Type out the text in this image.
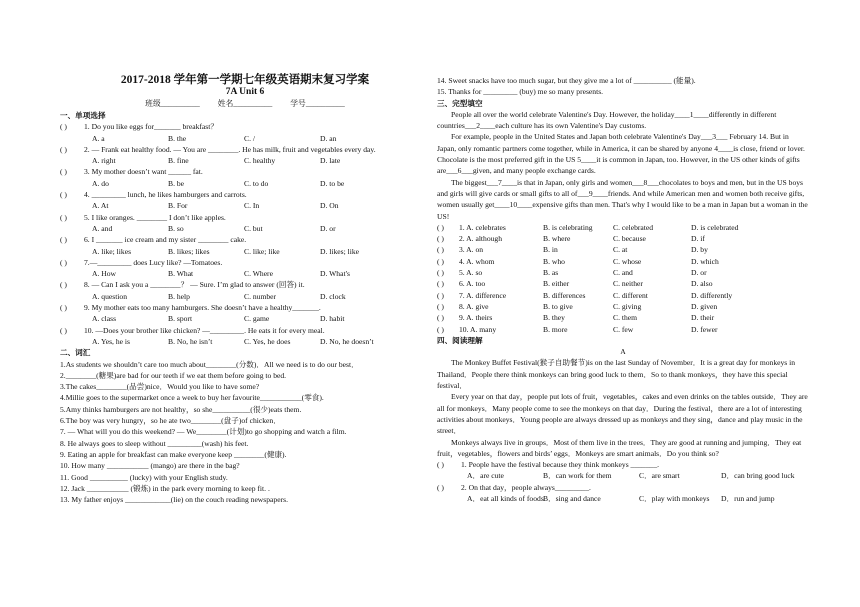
2017-2018 学年第一学期七年级英语期末复习学案
7A Unit 6
班级__________ 姓名__________ 学号__________
一、单项选择
( )	1. Do you like eggs for_______ breakfast？
A. a	B. the	C. /	D. an
( )	2. — Frank eat healthy food. — You are ________. He has milk, fruit and vegetables every day.
A. right	B. fine	C. healthy	D. late
( )	3. My mother doesn’t want ______ fat.
A. do	B. be	C. to do	D. to be
( )	4. _________ lunch, he likes hamburgers and carrots.
A. At	B. For	C. In	D. On
( )	5. I like oranges. ________ I don’t like apples.
A. and	B. so	C. but	D. or
( )	6. I _______ ice cream and my sister ________ cake.
A. like; likes	B. likes; likes	C. like; like	D. likes; like
( )	7.—_________ does Lucy like? —Tomatoes.
A. How	B. What	C. Where	D. What's
( )	8. — Can I ask you a ________？ — Sure. I’m glad to answer (回答) it.
A. question	B. help	C. number	D. clock
( )	9. My mother eats too many hamburgers. She doesn’t have a healthy_______.
A. class	B. sport	C. game	D. habit
( )	10. —Does your brother like chicken? —_________. He eats it for every meal.
A. Yes, he is	B. No, he isn’t	C. Yes, he does	D. No, he doesn’t
二、词汇
1.As students we shouldn’t care too much about________(分数)．All we need is to do our best．
2.________(糖果)are bad for our teeth if we eat them before going to bed.
3.The cakes________(品尝)nice．Would you like to have some?
4.Millie goes to the supermarket once a week to buy her favourite___________(零食).
5.Amy thinks hamburgers are not healthy，so she__________(很少)eats them.
6.The boy was very hungry，so he ate two________(盘子)of chicken．
7. — What will you do this weekend? — We________(计划)to go shopping and watch a film.
8. He always goes to sleep without _________(wash) his feet.
9. Eating an apple for breakfast can make everyone keep ________(健康).
10. How many ___________ (mango) are there in the bag?
11. Good __________ (lucky) with your English study.
12. Jack ___________ (锻炼) in the park every morning to keep fit. .
13. My father enjoys ____________(lie) on the couch reading newspapers.
14. Sweet snacks have too much sugar, but they give me a lot of __________ (能量).
15. Thanks for _________ (buy) me so many presents.
三、完型填空
People all over the world celebrate Valentine's Day. However, the holiday____1____differently in different countries___2____each culture has its own Valentine's Day customs.
For example, people in the United States and Japan both celebrate Valentine's Day___3___ February 14. But in Japan, only romantic partners come together, while in America, it can be shared by anyone 4____is close, friend or lover. Chocolate is the most preferred gift in the US 5____it is common in Japan, too. However, in the US other kinds of gifts are___6___given, and many people exchange cards.
The biggest___7____is that in Japan, only girls and women___8___chocolates to boys and men, but in the US boys and girls will give cards or small gifts to all of___9____friends. And while American men and women both receive gifts, women usually get____10____expensive gifts than men. That's why I would like to be a man in Japan but a woman in the US!
( )	1. A. celebrates	B. is celebrating	C. celebrated	D. is celebrated
( )	2. A. although	B. where	C. because	D. if
( )	3. A. on	B. in	C. at	D. by
( )	4. A. whom	B. who	C. whose	D. which
( )	5. A. so	B. as	C. and	D. or
( )	6. A. too	B. either	C. neither	D. also
( )	7. A. difference	B. differences	C. different	D. differently
( )	8. A. give	B. to give	C. giving	D. given
( )	9. A. theirs	B. they	C. them	D. their
( )	10. A. many	B. more	C. few	D. fewer
四、阅读理解
A
The Monkey Buffet Festival(猴子自助餐节)is on the last Sunday of November．It is a great day for monkeys in Thailand．People there think monkeys can bring good luck to them．So to thank monkeys，they have this special festival．
Every year on that day，people put lots of fruit，vegetables，cakes and even drinks on the tables outside．They are all for monkeys．Many people come to see the monkeys on that day．During the festival，there are a lot of interesting activities about monkeys．Young people are always dressed up as monkeys and they sing，dance and play music in the street．
Monkeys always live in groups．Most of them live in the trees．They are good at running and jumping．They eat fruit，vegetables，flowers and birds’ eggs．Monkeys are smart animals．Do you think so?
( )	1. People have the festival because they think monkeys _______.
A．are cute	B．can work for them	C．are smart	D．can bring good luck
( )	2. On that day，people always_________.
A．eat all kinds of foods B．sing and dance	C．play with monkeys	D．run and jump
